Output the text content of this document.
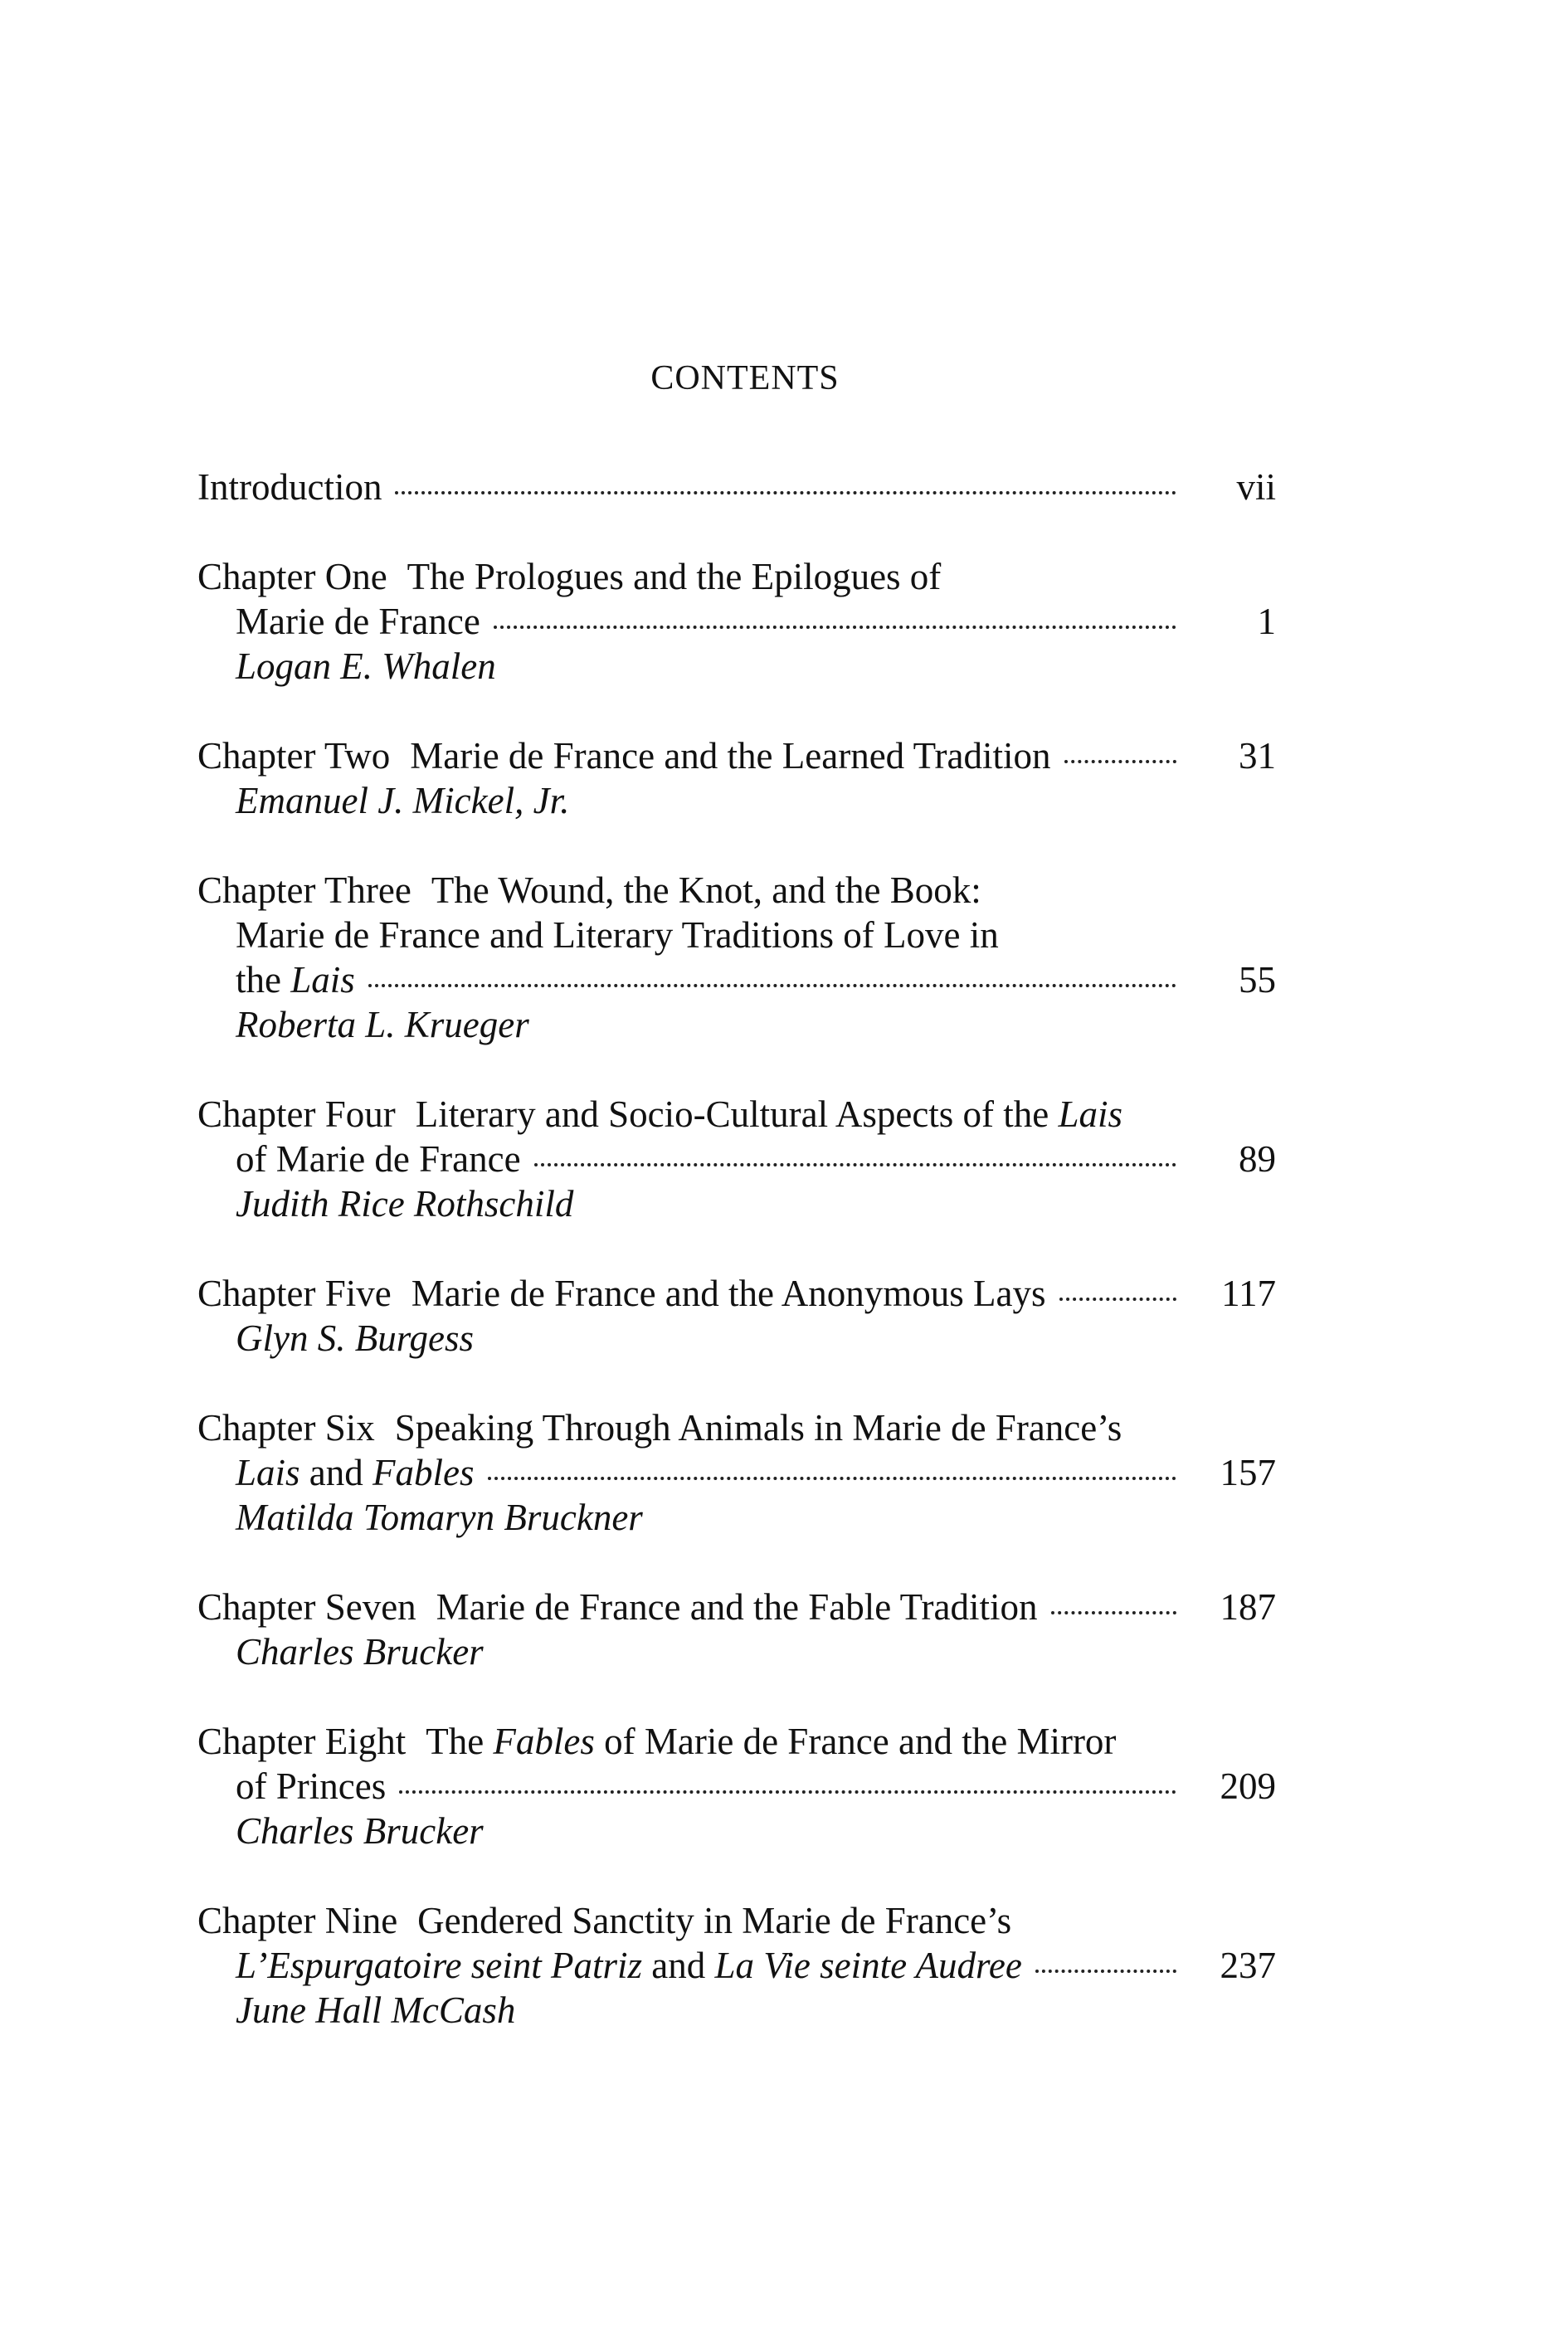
CONTENTS
Introduction	vii
Chapter One The Prologues and the Epilogues of
Marie de France	1
Logan E. Whalen
Chapter Two Marie de France and the Learned Tradition	31
Emanuel J. Mickel, Jr.
Chapter Three The Wound, the Knot, and the Book:
Marie de France and Literary Traditions of Love in
the Lais	55
Roberta L. Krueger
Chapter Four Literary and Socio-Cultural Aspects of the Lais
of Marie de France	89
Judith Rice Rothschild
Chapter Five Marie de France and the Anonymous Lays	117
Glyn S. Burgess
Chapter Six Speaking Through Animals in Marie de France’s
Lais and Fables	157
Matilda Tomaryn Bruckner
Chapter Seven Marie de France and the Fable Tradition	187
Charles Brucker
Chapter Eight The Fables of Marie de France and the Mirror
of Princes	209
Charles Brucker
Chapter Nine Gendered Sanctity in Marie de France’s
L’Espurgatoire seint Patriz and La Vie seinte Audree	237
June Hall McCash
